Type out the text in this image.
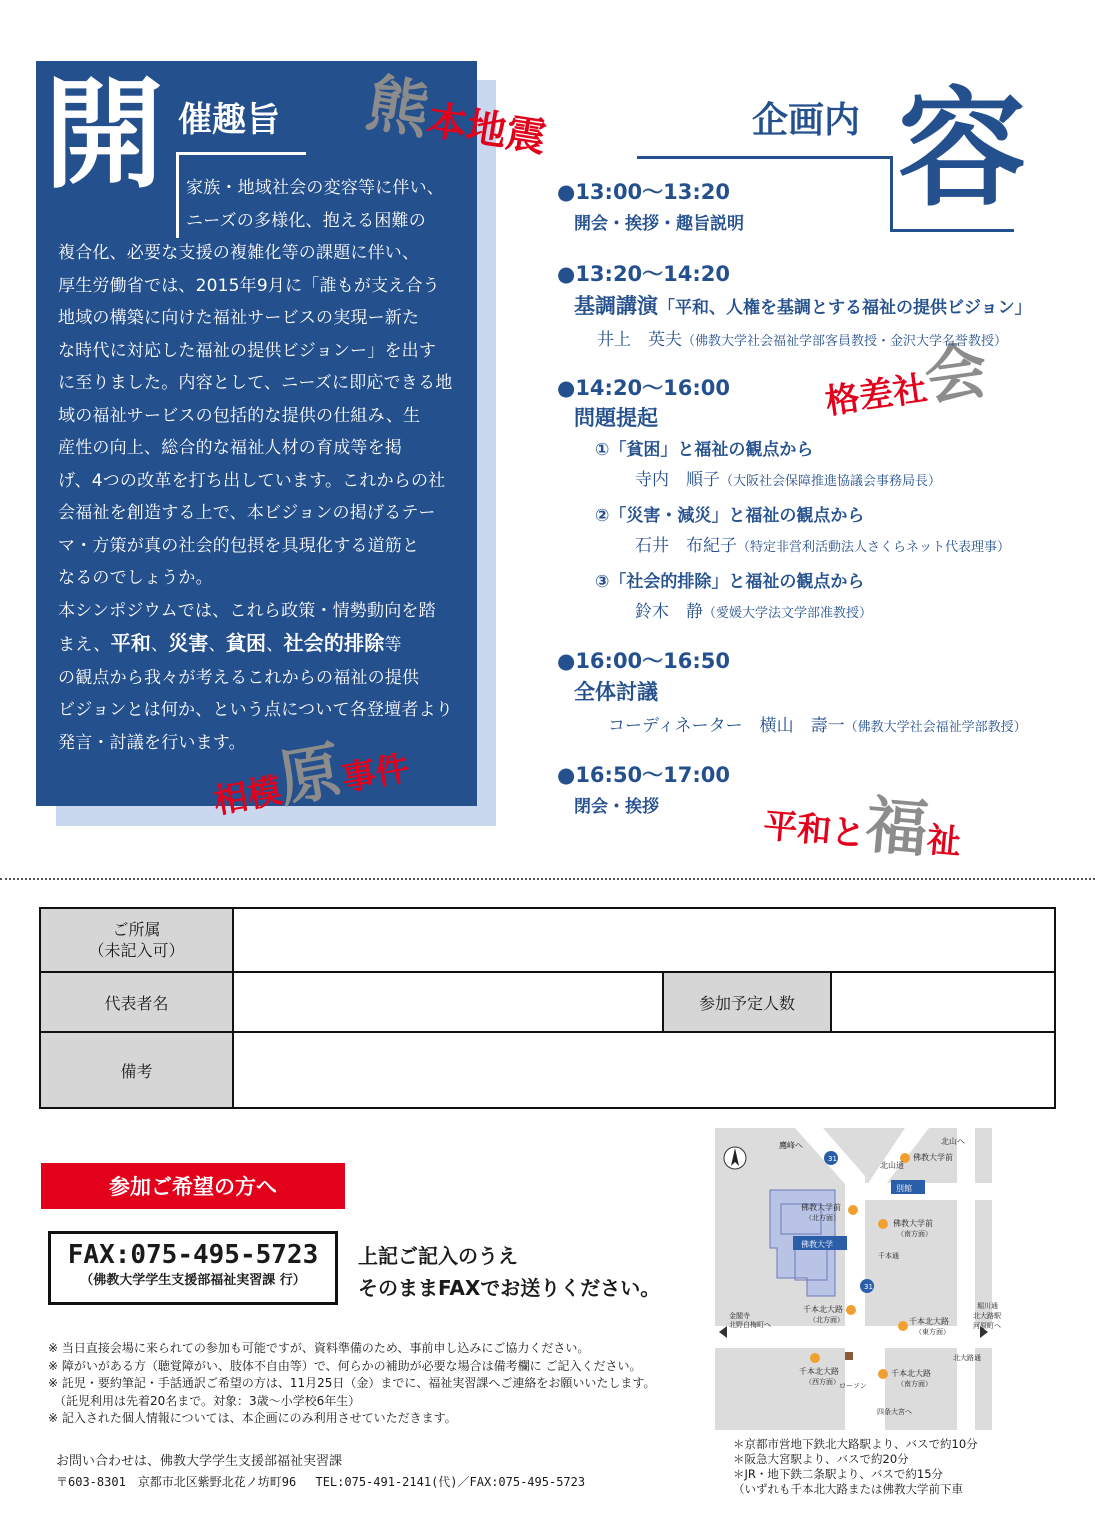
開 催趣旨

家族・地域社会の変容等に伴い、

ニーズの多様化、抱える困難の

複合化、必要な支援の複雑化等の課題に伴い、

厚生労働省では、2015年9月に「誰もが支え合う

地域の構築に向けた福祉サービスの実現ー新た

な時代に対応した福祉の提供ビジョンー」を出す

に至りました。内容として、ニーズに即応できる地

域の福祉サービスの包括的な提供の仕組み、生

産性の向上、総合的な福祉人材の育成等を掲

げ、4つの改革を打ち出しています。これからの社

会福祉を創造する上で、本ビジョンの掲げるテー

マ・方策が真の社会的包摂を具現化する道筋と

なるのでしょうか。

本シンポジウムでは、これら政策・情勢動向を踏

まえ、平和、災害、貧困、社会的排除等

の観点から我々が考えるこれからの福祉の提供

ビジョンとは何か、という点について各登壇者より

発言・討議を行います。

熊本地震
相模原事件
格差社会
平和と福祉
企画内 容
●13:00～13:20
開会・挨拶・趣旨説明
●13:20～14:20
基調講演「平和、人権を基調とする福祉の提供ビジョン」
井上　英夫（佛教大学社会福祉学部客員教授・金沢大学名誉教授）
●14:20～16:00
問題提起
①「貧困」と福祉の観点から
寺内　順子（大阪社会保障推進協議会事務局長）
②「災害・減災」と福祉の観点から
石井　布紀子（特定非営利活動法人さくらネット代表理事）
③「社会的排除」と福祉の観点から
鈴木　静（愛媛大学法文学部准教授）
●16:00～16:50
全体討議
コーディネーター　横山　壽一（佛教大学社会福祉学部教授）
●16:50～17:00
閉会・挨拶
ご所属
（未記入可）			
代表者名		参加予定人数	
備考			
参加ご希望の方へ
FAX:075-495-5723
（佛教大学学生支援部福祉実習課 行）
上記ご記入のうえ
そのままFAXでお送りください。
※ 当日直接会場に来られての参加も可能ですが、資料準備のため、事前申し込みにご協力ください。
※ 障がいがある方（聴覚障がい、肢体不自由等）で、何らかの補助が必要な場合は備考欄に ご記入ください。
※ 託児・要約筆記・手話通訳ご希望の方は、11月25日（金）までに、福祉実習課へご連絡をお願いいたします。
　（託児利用は先着20名まで。対象：3歳～小学校6年生）
※ 記入された個人情報については、本企画にのみ利用させていただきます。
お問い合わせは、佛教大学学生支援部福祉実習課
〒603-8301　京都市北区紫野北花ノ坊町96　 TEL:075-491-2141(代)／FAX:075-495-5723
鷹峰へ	北山へ
北山通
31
31
佛教大学前
別館
佛教大学前
（北方面）
佛教大学前
（南方面）
佛教大学
千本通
金閣寺
北野白梅町へ
千本北大路
（北方面）	千本北大路
（東方面）
堀川通
北大路駅
河原町へ
北大路通
千本北大路
（西方面） ローソン
千本北大路
（南方面）
四条大宮へ
＊京都市営地下鉄北大路駅より、バスで約10分
＊阪急大宮駅より、バスで約20分
＊JR・地下鉄二条駅より、バスで約15分
（いずれも千本北大路または佛教大学前下車
